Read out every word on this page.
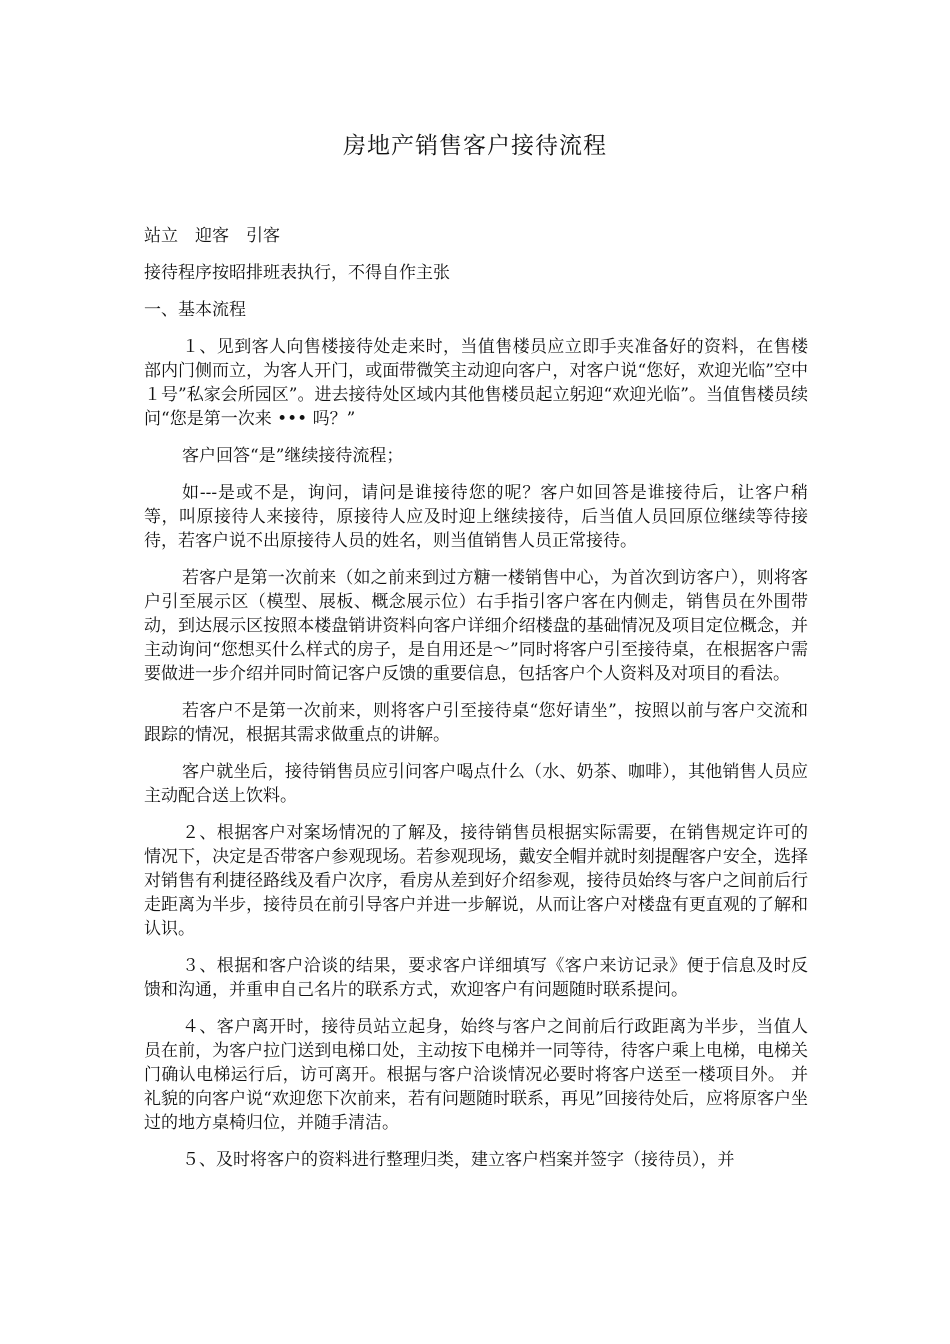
房地产销售客户接待流程

站立　迎客　引客

接待程序按昭排班表执行，不得自作主张

一、基本流程

１、见到客人向售楼接待处走来时，当值售楼员应立即手夹准备好的资料，在售楼部内门侧而立，为客人开门，或面带微笑主动迎向客户，对客户说“您好，欢迎光临”空中１号”私家会所园区”。进去接待处区域内其他售楼员起立躬迎“欢迎光临”。当值售楼员续问“您是第一次来 ••• 吗？”

客户回答“是”继续接待流程；

如---是或不是，询问，请问是谁接待您的呢？客户如回答是谁接待后，让客户稍等，叫原接待人来接待，原接待人应及时迎上继续接待，后当值人员回原位继续等待接待，若客户说不出原接待人员的姓名，则当值销售人员正常接待。

若客户是第一次前来（如之前来到过方糖一楼销售中心，为首次到访客户），则将客户引至展示区（模型、展板、概念展示位）右手指引客户客在内侧走，销售员在外围带动，到达展示区按照本楼盘销讲资料向客户详细介绍楼盘的基础情况及项目定位概念，并主动询问“您想买什么样式的房子，是自用还是～”同时将客户引至接待桌，在根据客户需要做进一步介绍并同时简记客户反馈的重要信息，包括客户个人资料及对项目的看法。

若客户不是第一次前来，则将客户引至接待桌“您好请坐”，按照以前与客户交流和跟踪的情况，根据其需求做重点的讲解。

客户就坐后，接待销售员应引问客户喝点什么（水、奶茶、咖啡），其他销售人员应主动配合送上饮料。

２、根据客户对案场情况的了解及，接待销售员根据实际需要，在销售规定许可的情况下，决定是否带客户参观现场。若参观现场，戴安全帽并就时刻提醒客户安全，选择对销售有利捷径路线及看户次序，看房从差到好介绍参观，接待员始终与客户之间前后行走距离为半步，接待员在前引导客户并进一步解说，从而让客户对楼盘有更直观的了解和认识。

３、根据和客户洽谈的结果，要求客户详细填写《客户来访记录》便于信息及时反馈和沟通，并重申自己名片的联系方式，欢迎客户有问题随时联系提问。

４、客户离开时，接待员站立起身，始终与客户之间前后行政距离为半步，当值人员在前，为客户拉门送到电梯口处，主动按下电梯并一同等待，待客户乘上电梯，电梯关门确认电梯运行后，访可离开。根据与客户洽谈情况必要时将客户送至一楼项目外。 并礼貌的向客户说“欢迎您下次前来，若有问题随时联系，再见”回接待处后，应将原客户坐过的地方桌椅归位，并随手清洁。

５、及时将客户的资料进行整理归类，建立客户档案并签字（接待员），并
